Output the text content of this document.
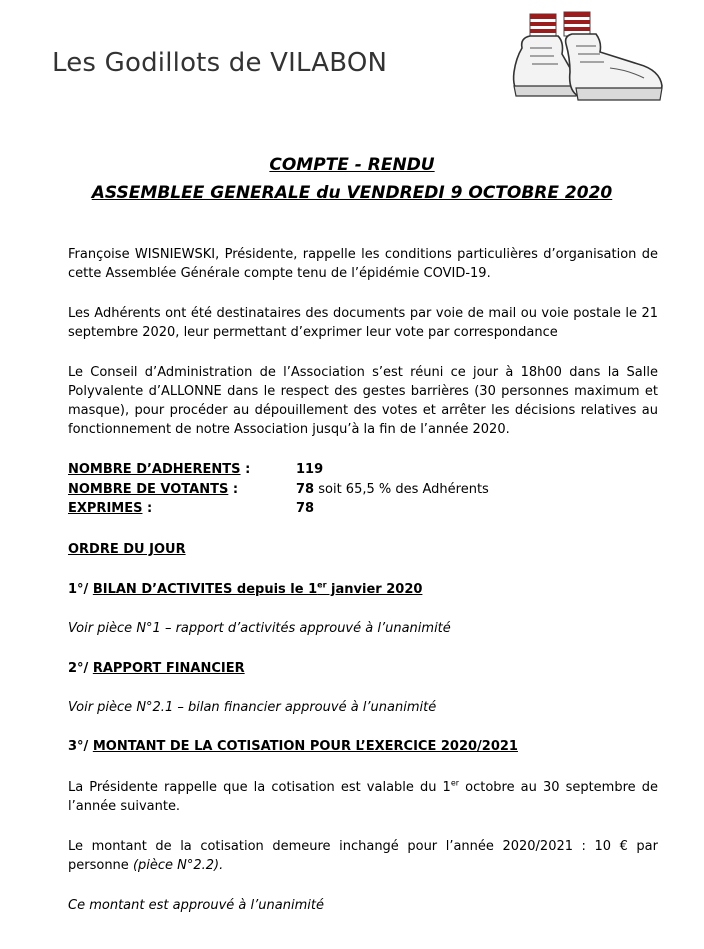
Les Godillots de VILABON
COMPTE - RENDU
ASSEMBLEE GENERALE du VENDREDI 9 OCTOBRE 2020
Françoise WISNIEWSKI, Présidente, rappelle les conditions particulières d’organisation de cette Assemblée Générale compte tenu de l’épidémie COVID-19.
Les Adhérents ont été destinataires des documents par voie de mail ou voie postale le 21 septembre 2020, leur permettant d’exprimer leur vote par correspondance
Le Conseil d’Administration de l’Association s’est réuni ce jour à 18h00 dans la Salle Polyvalente d’ALLONNE dans le respect des gestes barrières (30 personnes maximum et masque), pour procéder au dépouillement des votes et arrêter les décisions relatives au fonctionnement de notre Association jusqu’à la fin de l’année 2020.
NOMBRE D’ADHERENTS :	119
NOMBRE DE VOTANTS :	78 soit 65,5 % des Adhérents
EXPRIMES :	78
ORDRE DU JOUR
1°/ BILAN D’ACTIVITES depuis le 1er janvier 2020
Voir pièce N°1 – rapport d’activités approuvé à l’unanimité
2°/ RAPPORT FINANCIER
Voir pièce N°2.1 – bilan financier approuvé à l’unanimité
3°/ MONTANT DE LA COTISATION POUR L’EXERCICE 2020/2021
La Présidente rappelle que la cotisation est valable du 1er octobre au 30 septembre de l’année suivante.
Le montant de la cotisation demeure inchangé pour l’année 2020/2021 : 10 € par personne (pièce N°2.2).
Ce montant est approuvé à l’unanimité
